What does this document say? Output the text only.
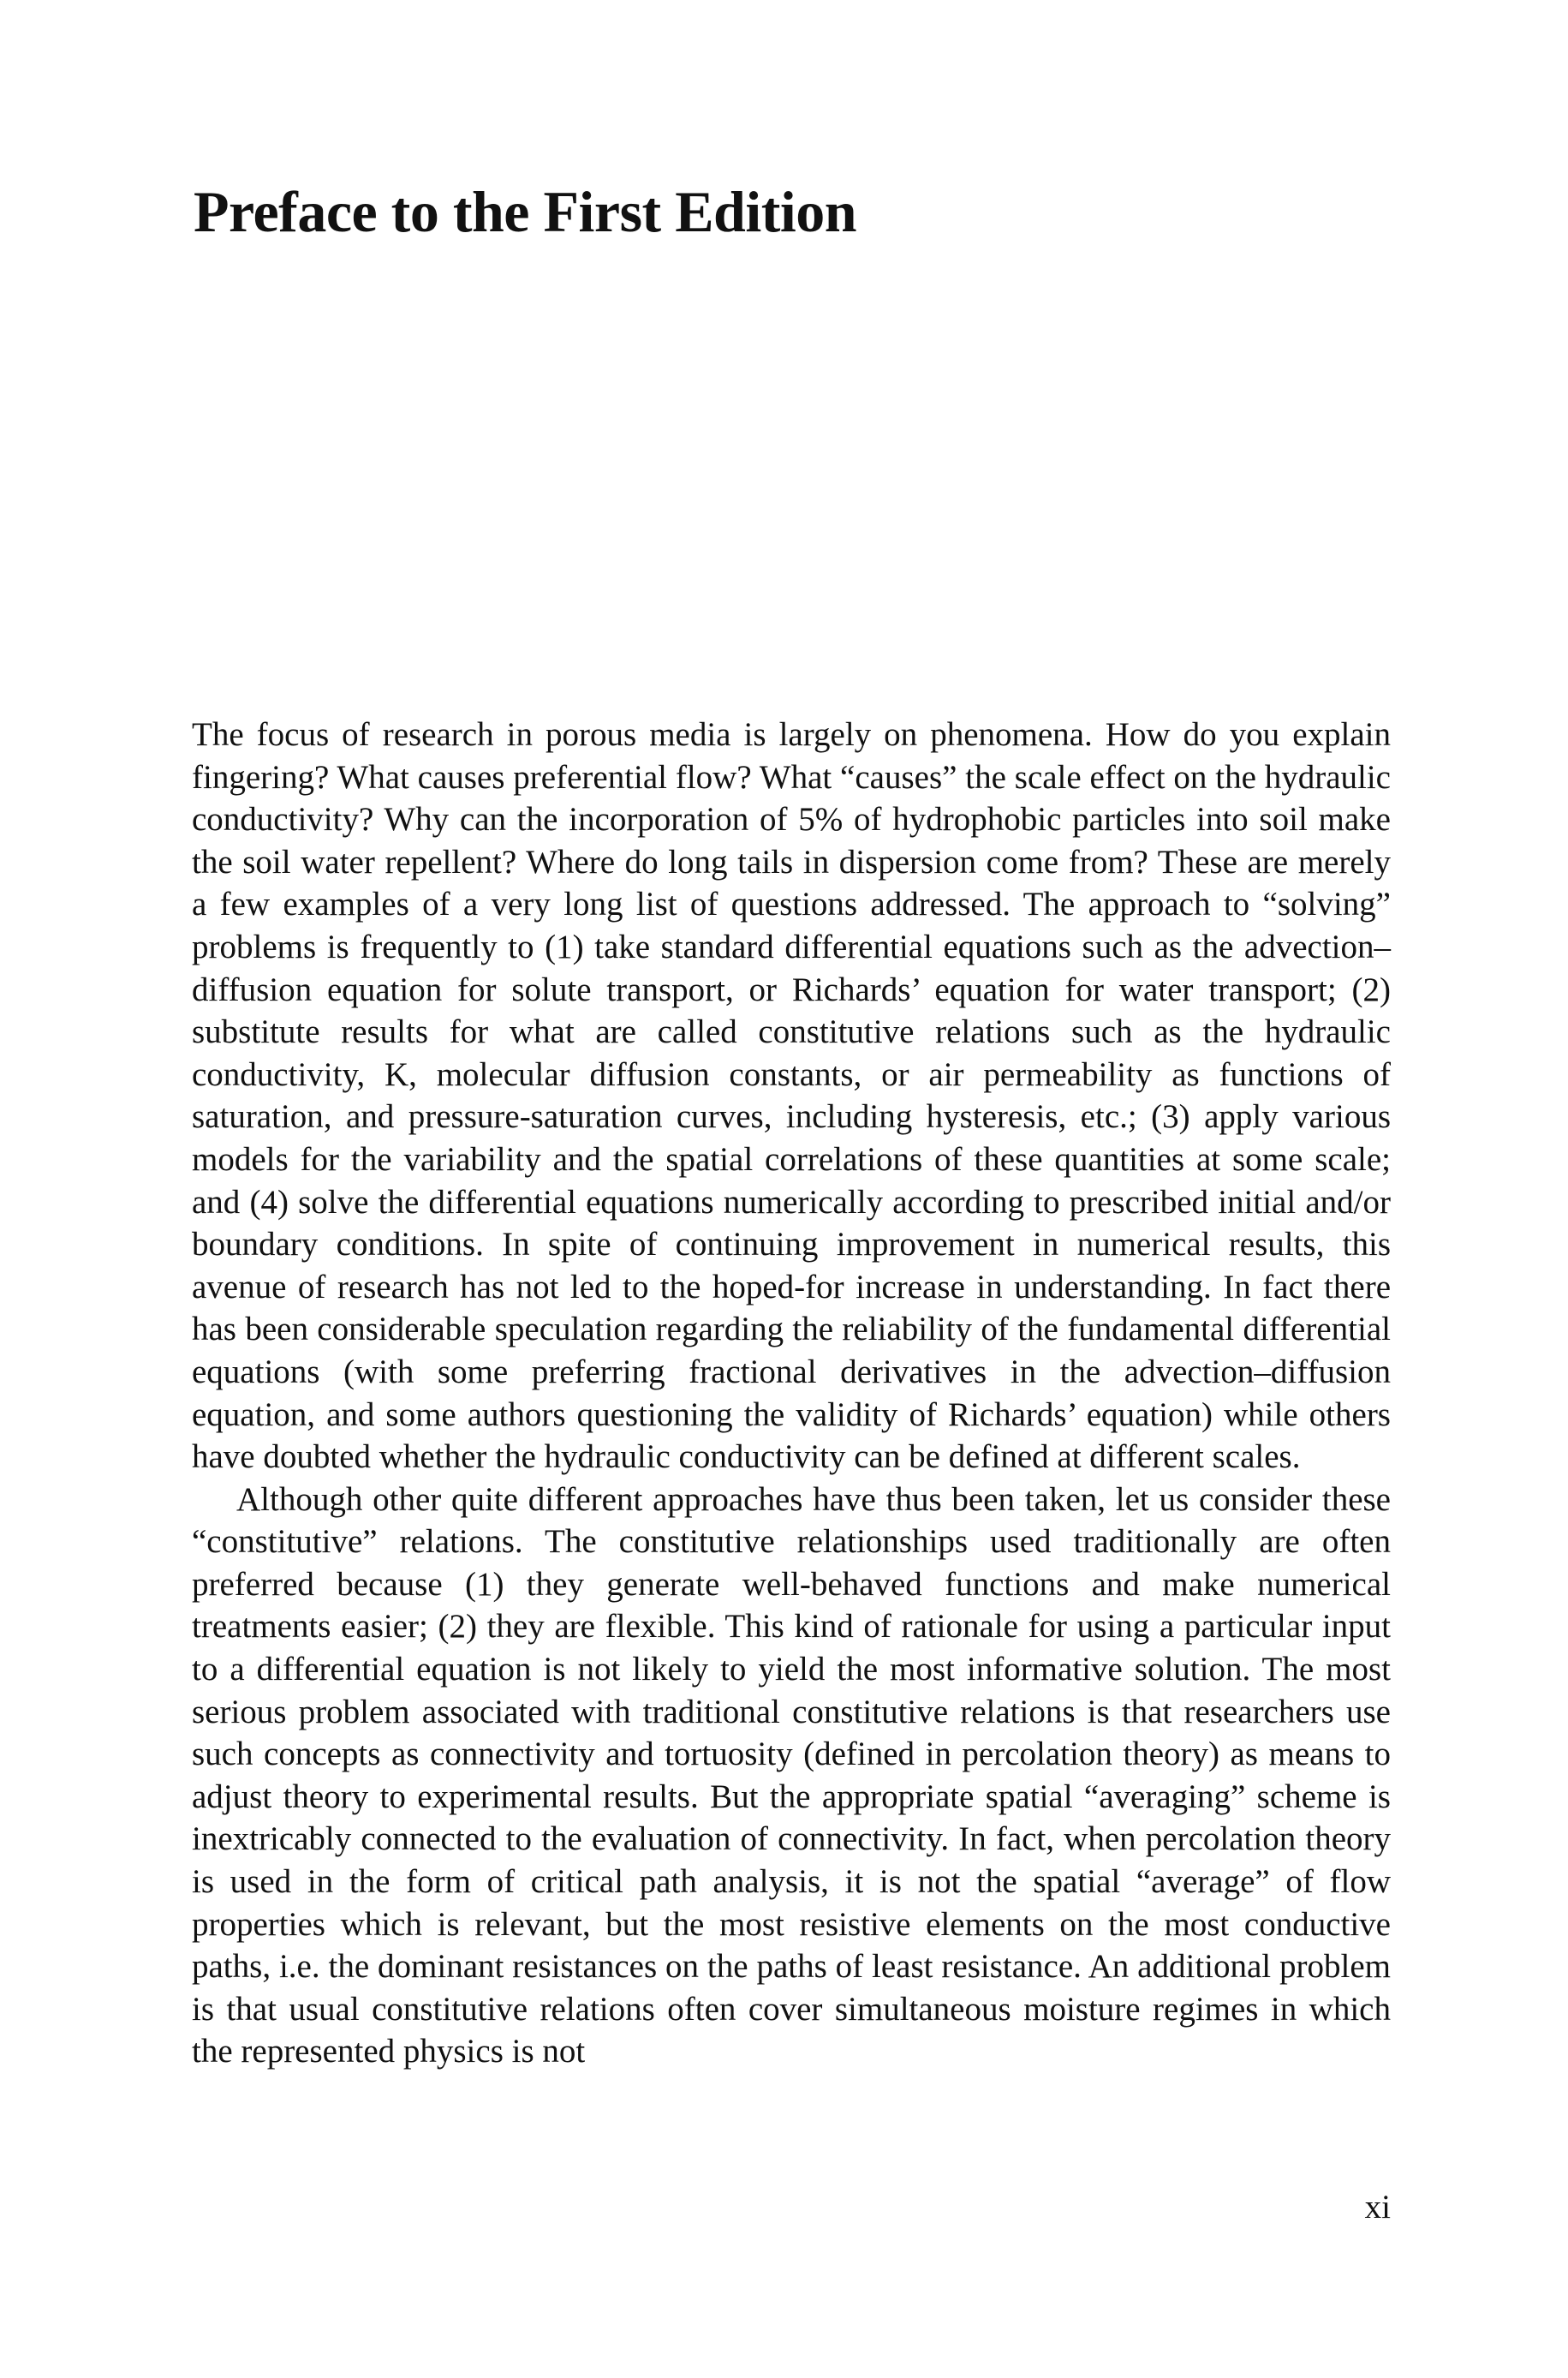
Preface to the First Edition

The focus of research in porous media is largely on phenomena. How do you explain fingering? What causes preferential flow? What “causes” the scale effect on the hydraulic conductivity? Why can the incorporation of 5% of hydrophobic particles into soil make the soil water repellent? Where do long tails in dispersion come from? These are merely a few examples of a very long list of questions addressed. The approach to “solving” problems is frequently to (1) take standard differential equations such as the advection–diffusion equation for solute transport, or Richards’ equation for water transport; (2) substitute results for what are called constitutive relations such as the hydraulic conductivity, K, molecular diffusion constants, or air permeability as functions of saturation, and pressure-saturation curves, including hysteresis, etc.; (3) apply various models for the variability and the spatial correlations of these quantities at some scale; and (4) solve the differential equations numerically according to prescribed initial and/or boundary conditions. In spite of continuing improvement in numerical results, this avenue of research has not led to the hoped-for increase in understanding. In fact there has been considerable speculation regarding the reliability of the fundamental differential equations (with some preferring fractional derivatives in the advection–diffusion equation, and some authors questioning the validity of Richards’ equation) while others have doubted whether the hydraulic conductivity can be defined at different scales.

Although other quite different approaches have thus been taken, let us consider these “constitutive” relations. The constitutive relationships used traditionally are often preferred because (1) they generate well-behaved functions and make numerical treatments easier; (2) they are flexible. This kind of rationale for using a particular input to a differential equation is not likely to yield the most informative solution. The most serious problem associated with traditional constitutive relations is that researchers use such concepts as connectivity and tortuosity (defined in percolation theory) as means to adjust theory to experimental results. But the appropriate spatial “averaging” scheme is inextricably connected to the evaluation of connectivity. In fact, when percolation theory is used in the form of critical path analysis, it is not the spatial “average” of flow properties which is relevant, but the most resistive elements on the most conductive paths, i.e. the dominant resistances on the paths of least resistance. An additional problem is that usual constitutive relations often cover simultaneous moisture regimes in which the represented physics is not

xi
